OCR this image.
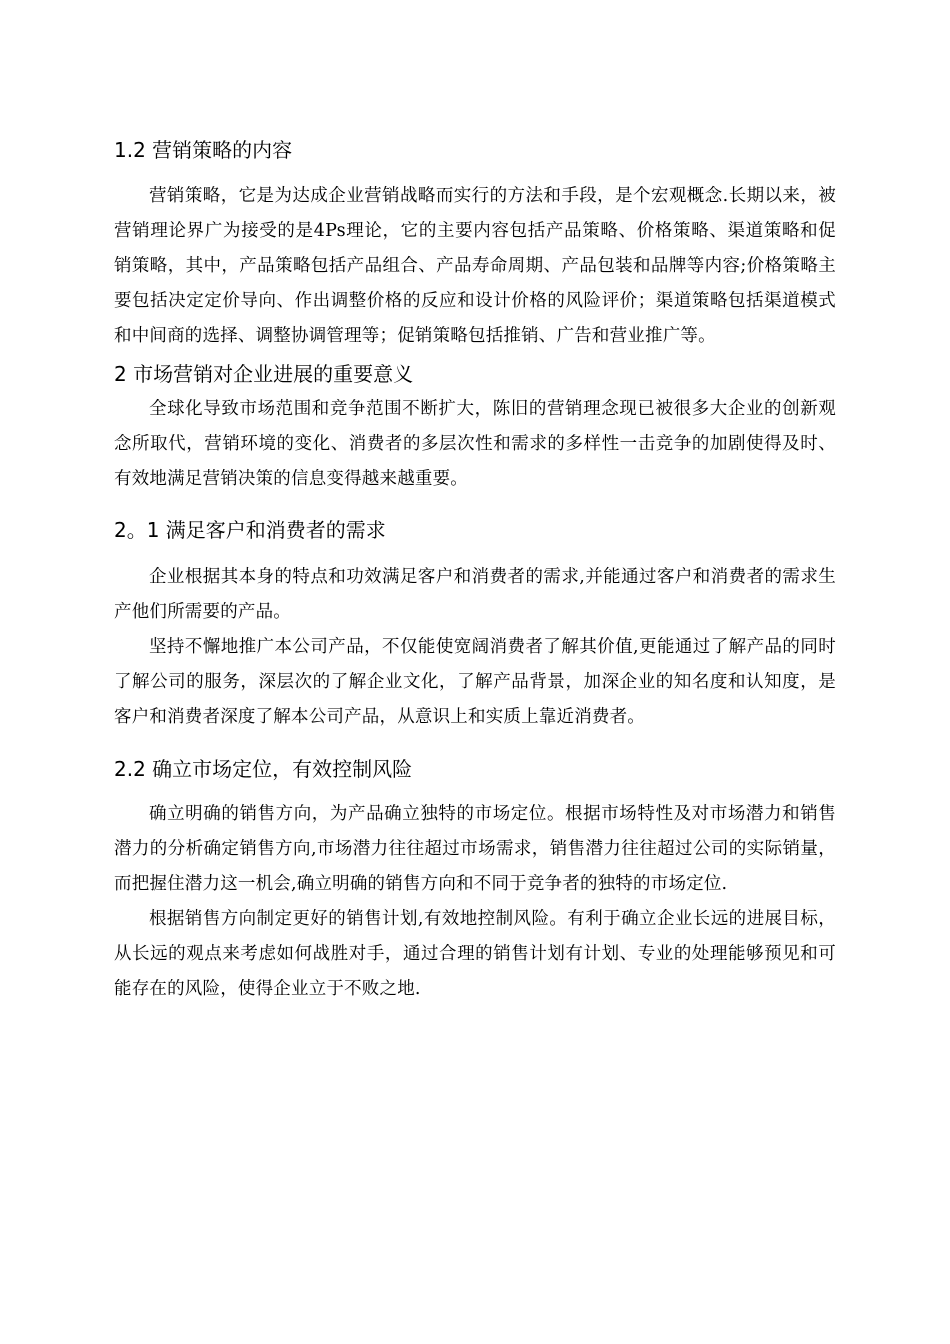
1.2 营销策略的内容

营销策略，它是为达成企业营销战略而实行的方法和手段，是个宏观概念.长期以来，被营销理论界广为接受的是4Ps理论，它的主要内容包括产品策略、价格策略、渠道策略和促销策略，其中，产品策略包括产品组合、产品寿命周期、产品包装和品牌等内容;价格策略主要包括决定定价导向、作出调整价格的反应和设计价格的风险评价；渠道策略包括渠道模式和中间商的选择、调整协调管理等；促销策略包括推销、广告和营业推广等。

2 市场营销对企业进展的重要意义

全球化导致市场范围和竞争范围不断扩大，陈旧的营销理念现已被很多大企业的创新观念所取代，营销环境的变化、消费者的多层次性和需求的多样性一击竞争的加剧使得及时、有效地满足营销决策的信息变得越来越重要。

2。1 满足客户和消费者的需求

企业根据其本身的特点和功效满足客户和消费者的需求,并能通过客户和消费者的需求生产他们所需要的产品。

坚持不懈地推广本公司产品，不仅能使宽阔消费者了解其价值,更能通过了解产品的同时了解公司的服务，深层次的了解企业文化，了解产品背景，加深企业的知名度和认知度，是客户和消费者深度了解本公司产品，从意识上和实质上靠近消费者。

2.2 确立市场定位，有效控制风险

确立明确的销售方向，为产品确立独特的市场定位。根据市场特性及对市场潜力和销售潜力的分析确定销售方向,市场潜力往往超过市场需求，销售潜力往往超过公司的实际销量，而把握住潜力这一机会,确立明确的销售方向和不同于竞争者的独特的市场定位.

根据销售方向制定更好的销售计划,有效地控制风险。有利于确立企业长远的进展目标，从长远的观点来考虑如何战胜对手，通过合理的销售计划有计划、专业的处理能够预见和可能存在的风险，使得企业立于不败之地.
